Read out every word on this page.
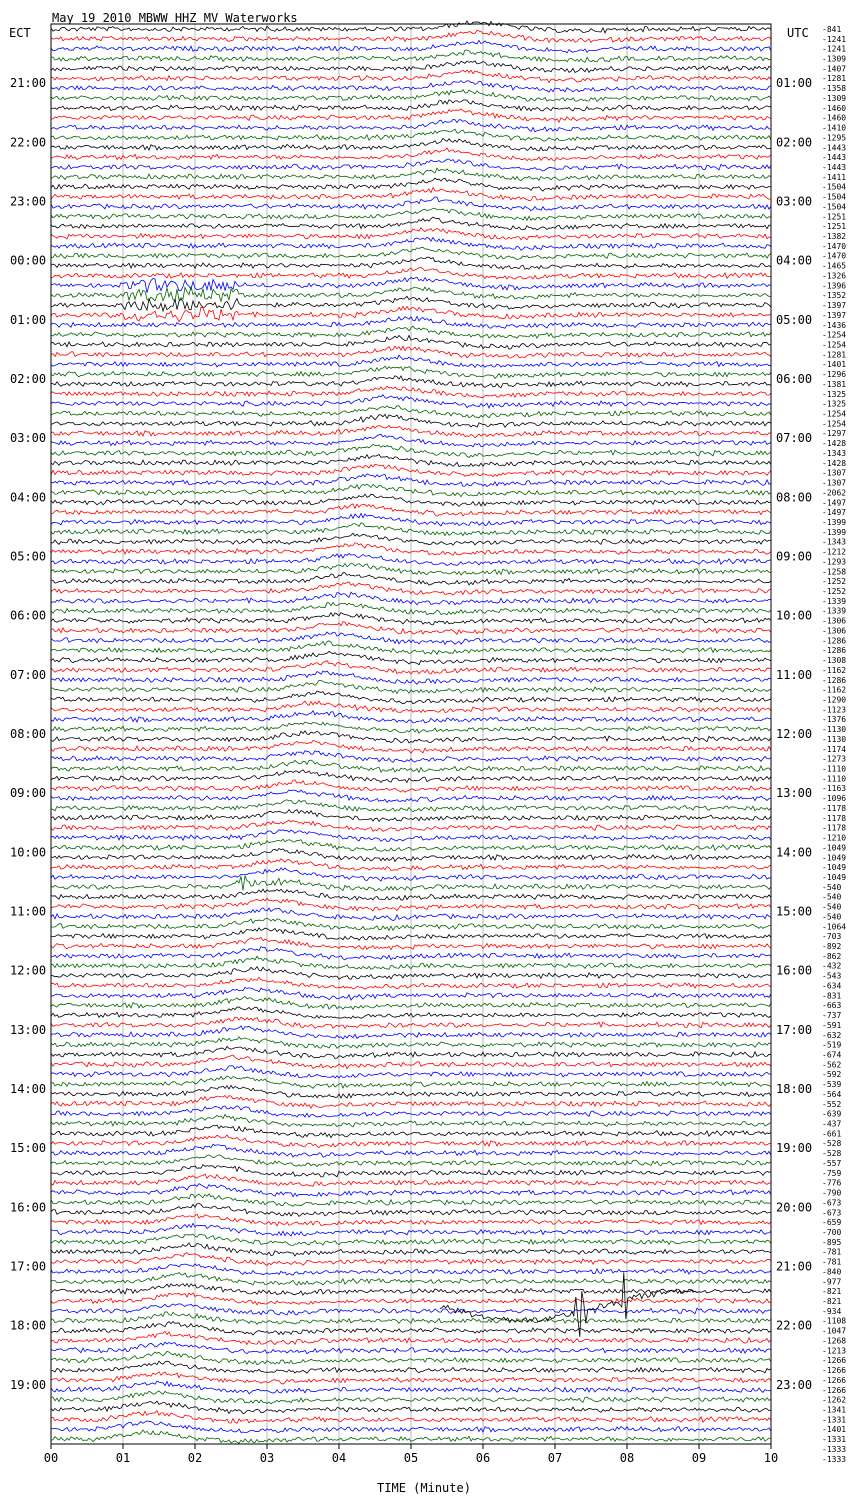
May 19 2010 MBWW HHZ MV Waterworks
ECT	UTC
21:00
22:00
23:00
00:00
01:00
02:00
03:00
04:00
05:00
06:00
07:00
08:00
09:00
10:00
11:00
12:00
13:00
14:00
15:00
16:00
17:00
18:00
19:00
01:00
02:00
03:00
04:00
05:00
06:00
07:00
08:00
09:00
10:00
11:00
12:00
13:00
14:00
15:00
16:00
17:00
18:00
19:00
20:00
21:00
22:00
23:00
-841
-1241
-1241
-1309
-1407
-1281
-1358
-1309
-1460
-1460
-1410
-1295
-1443
-1443
-1443
-1411
-1504
-1504
-1504
-1251
-1251
-1382
-1470
-1470
-1465
-1326
-1396
-1352
-1397
-1397
-1436
-1254
-1254
-1281
-1401
-1296
-1381
-1325
-1325
-1254
-1254
-1297
-1428
-1343
-1428
-1307
-1307
-2062
-1497
-1497
-1399
-1399
-1343
-1212
-1293
-1258
-1252
-1252
-1339
-1339
-1306
-1306
-1286
-1286
-1308
-1162
-1286
-1162
-1290
-1123
-1376
-1130
-1130
-1174
-1273
-1110
-1110
-1163
-1096
-1178
-1178
-1178
-1210
-1049
-1049
-1049
-1049
-540
-540
-540
-540
-1064
-703
-892
-862
-432
-543
-634
-831
-663
-737
-591
-632
-519
-674
-562
-592
-539
-564
-552
-639
-437
-661
-528
-528
-557
-759
-776
-790
-673
-673
-659
-700
-895
-781
-781
-840
-977
-821
-821
-934
-1108
-1047
-1268
-1213
-1266
-1266
-1266
-1266
-1262
-1341
-1331
-1401
-1331
-1333
-1333
00	01	02	03	04	05	06	07	08	09	10
TIME (Minute)
